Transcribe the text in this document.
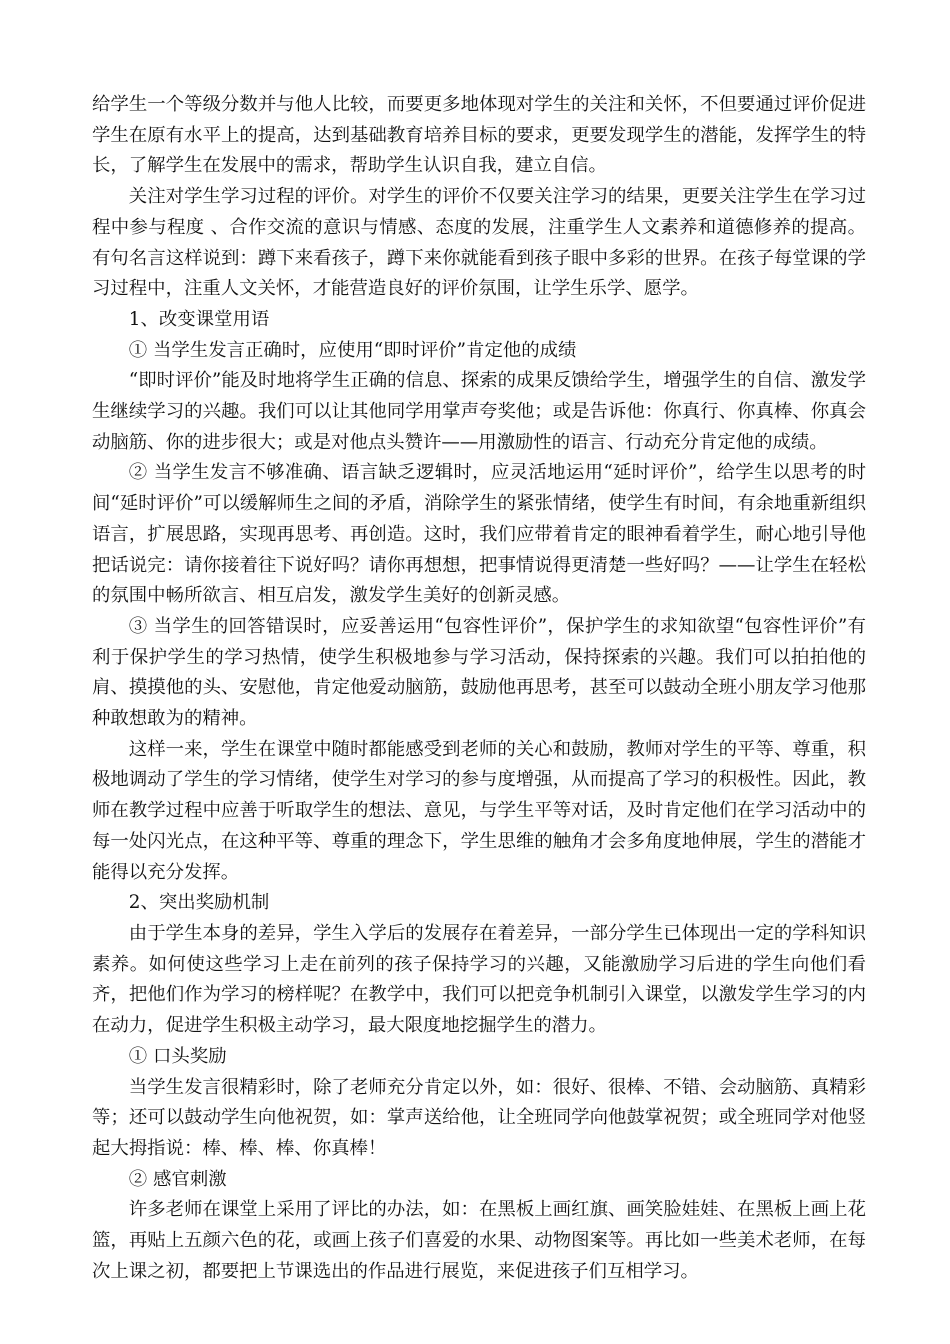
给学生一个等级分数并与他人比较，而要更多地体现对学生的关注和关怀，不但要通过评价促进学生在原有水平上的提高，达到基础教育培养目标的要求，更要发现学生的潜能，发挥学生的特长，了解学生在发展中的需求，帮助学生认识自我，建立自信。

关注对学生学习过程的评价。对学生的评价不仅要关注学习的结果，更要关注学生在学习过程中参与程度 、合作交流的意识与情感、态度的发展，注重学生人文素养和道德修养的提高。有句名言这样说到：蹲下来看孩子，蹲下来你就能看到孩子眼中多彩的世界。在孩子每堂课的学习过程中，注重人文关怀，才能营造良好的评价氛围，让学生乐学、愿学。

1、改变课堂用语

① 当学生发言正确时，应使用“即时评价”肯定他的成绩

“即时评价”能及时地将学生正确的信息、探索的成果反馈给学生，增强学生的自信、激发学生继续学习的兴趣。我们可以让其他同学用掌声夸奖他；或是告诉他：你真行、你真棒、你真会动脑筋、你的进步很大；或是对他点头赞许——用激励性的语言、行动充分肯定他的成绩。

② 当学生发言不够准确、语言缺乏逻辑时，应灵活地运用“延时评价”，给学生以思考的时间“延时评价”可以缓解师生之间的矛盾，消除学生的紧张情绪，使学生有时间，有余地重新组织语言，扩展思路，实现再思考、再创造。这时，我们应带着肯定的眼神看着学生，耐心地引导他把话说完：请你接着往下说好吗？请你再想想，把事情说得更清楚一些好吗？——让学生在轻松的氛围中畅所欲言、相互启发，激发学生美好的创新灵感。

③ 当学生的回答错误时，应妥善运用“包容性评价”，保护学生的求知欲望“包容性评价”有利于保护学生的学习热情，使学生积极地参与学习活动，保持探索的兴趣。我们可以拍拍他的肩、摸摸他的头、安慰他，肯定他爱动脑筋，鼓励他再思考，甚至可以鼓动全班小朋友学习他那种敢想敢为的精神。

这样一来，学生在课堂中随时都能感受到老师的关心和鼓励，教师对学生的平等、尊重，积极地调动了学生的学习情绪，使学生对学习的参与度增强，从而提高了学习的积极性。因此，教师在教学过程中应善于听取学生的想法、意见，与学生平等对话，及时肯定他们在学习活动中的每一处闪光点，在这种平等、尊重的理念下，学生思维的触角才会多角度地伸展，学生的潜能才能得以充分发挥。

2、突出奖励机制

由于学生本身的差异，学生入学后的发展存在着差异，一部分学生已体现出一定的学科知识素养。如何使这些学习上走在前列的孩子保持学习的兴趣，又能激励学习后进的学生向他们看齐，把他们作为学习的榜样呢？在教学中，我们可以把竞争机制引入课堂，以激发学生学习的内在动力，促进学生积极主动学习，最大限度地挖掘学生的潜力。

① 口头奖励

当学生发言很精彩时，除了老师充分肯定以外，如：很好、很棒、不错、会动脑筋、真精彩等；还可以鼓动学生向他祝贺，如：掌声送给他，让全班同学向他鼓掌祝贺；或全班同学对他竖起大拇指说：棒、棒、棒、你真棒！

② 感官刺激

许多老师在课堂上采用了评比的办法，如：在黑板上画红旗、画笑脸娃娃、在黑板上画上花篮，再贴上五颜六色的花，或画上孩子们喜爱的水果、动物图案等。再比如一些美术老师，在每次上课之初，都要把上节课选出的作品进行展览，来促进孩子们互相学习。
